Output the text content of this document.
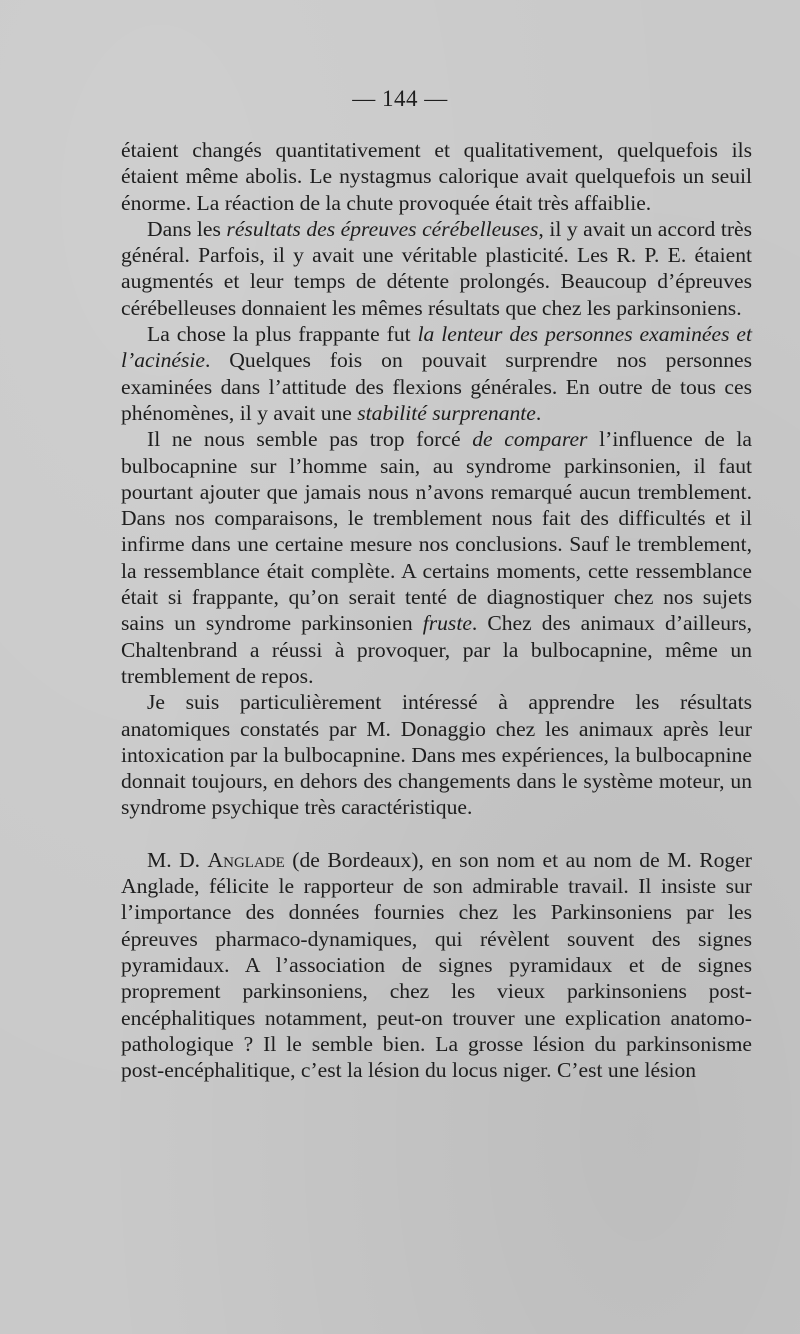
— 144 —

étaient changés quantitativement et qualitativement, quelquefois ils étaient même abolis. Le nystagmus calorique avait quelquefois un seuil énorme. La réaction de la chute provoquée était très affaiblie.

Dans les résultats des épreuves cérébelleuses, il y avait un accord très général. Parfois, il y avait une véritable plasticité. Les R. P. E. étaient augmentés et leur temps de détente prolongés. Beaucoup d’épreuves cérébelleuses donnaient les mêmes résultats que chez les parkinsoniens.

La chose la plus frappante fut la lenteur des personnes examinées et l’acinésie. Quelques fois on pouvait surprendre nos personnes examinées dans l’attitude des flexions générales. En outre de tous ces phénomènes, il y avait une stabilité surprenante.

Il ne nous semble pas trop forcé de comparer l’influence de la bulbocapnine sur l’homme sain, au syndrome parkinsonien, il faut pourtant ajouter que jamais nous n’avons remarqué aucun tremblement. Dans nos comparaisons, le tremblement nous fait des difficultés et il infirme dans une certaine mesure nos conclusions. Sauf le tremblement, la ressemblance était complète. A certains moments, cette ressemblance était si frappante, qu’on serait tenté de diagnostiquer chez nos sujets sains un syndrome parkinsonien fruste. Chez des animaux d’ailleurs, Chaltenbrand a réussi à provoquer, par la bulbocapnine, même un tremblement de repos.

Je suis particulièrement intéressé à apprendre les résultats anatomiques constatés par M. Donaggio chez les animaux après leur intoxication par la bulbocapnine. Dans mes expériences, la bulbocapnine donnait toujours, en dehors des changements dans le système moteur, un syndrome psychique très caractéristique.

M. D. Anglade (de Bordeaux), en son nom et au nom de M. Roger Anglade, félicite le rapporteur de son admirable travail. Il insiste sur l’importance des données fournies chez les Parkinsoniens par les épreuves pharmaco-dynamiques, qui révèlent souvent des signes pyramidaux. A l’association de signes pyramidaux et de signes proprement parkinsoniens, chez les vieux parkinsoniens post-encéphalitiques notamment, peut-on trouver une explication anatomo-pathologique ? Il le semble bien. La grosse lésion du parkinsonisme post-encéphalitique, c’est la lésion du locus niger. C’est une lésion
